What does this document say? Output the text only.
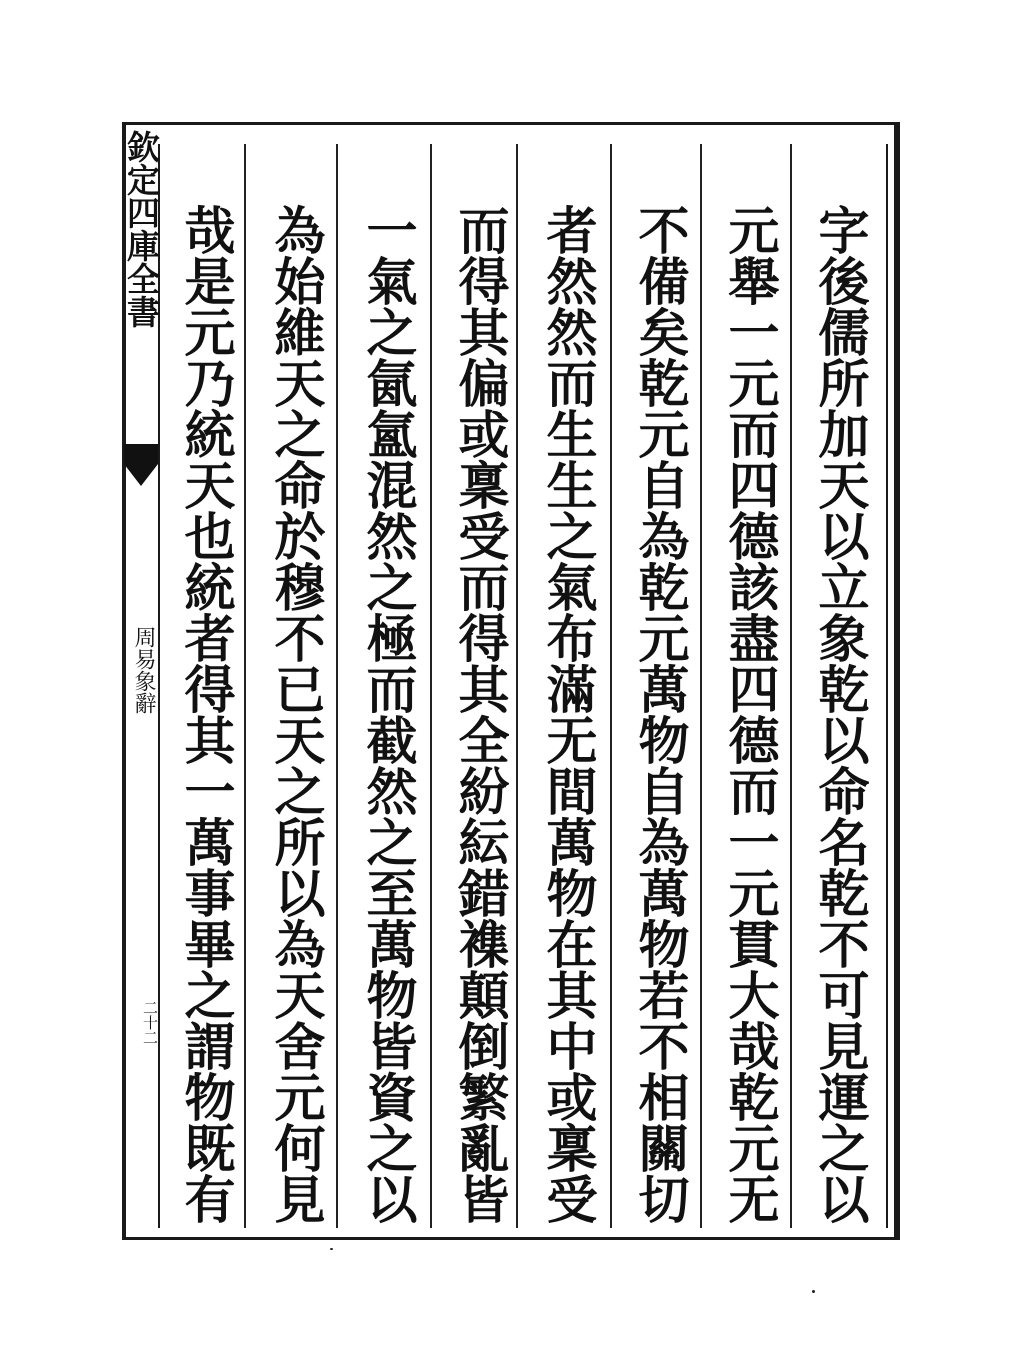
欽定四庫全書
周易象辭
二十二	字後儒所加天以立象乾以命名乾不可見運之以
元舉一元而四德該盡四德而一元貫大哉乾元无
不備矣乾元自為乾元萬物自為萬物若不相關切
者然然而生生之氣布滿无間萬物在其中或稟受
而得其偏或稟受而得其全紛紜錯襍顛倒繁亂皆
一氣之氤氳混然之極而截然之至萬物皆資之以
為始維天之命於穆不已天之所以為天舍元何見
哉是元乃統天也統者得其一萬事畢之謂物既有
